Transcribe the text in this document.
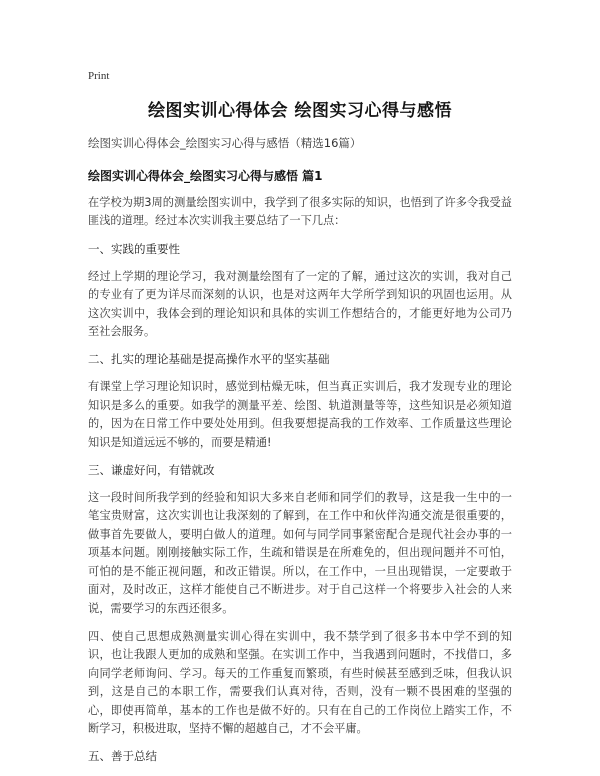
Print
绘图实训心得体会 绘图实习心得与感悟
绘图实训心得体会_绘图实习心得与感悟（精选16篇）
绘图实训心得体会_绘图实习心得与感悟 篇1

在学校为期3周的测量绘图实训中，我学到了很多实际的知识，也悟到了许多令我受益匪浅的道理。经过本次实训我主要总结了一下几点：

一、实践的重要性

经过上学期的理论学习，我对测量绘图有了一定的了解，通过这次的实训，我对自己的专业有了更为详尽而深刻的认识，也是对这两年大学所学到知识的巩固也运用。从这次实训中，我体会到的理论知识和具体的实训工作想结合的，才能更好地为公司乃至社会服务。

二、扎实的理论基础是提高操作水平的坚实基础

有课堂上学习理论知识时，感觉到枯燥无味，但当真正实训后，我才发现专业的理论知识是多么的重要。如我学的测量平差、绘图、轨道测量等等，这些知识是必须知道的，因为在日常工作中要处处用到。但我要想提高我的工作效率、工作质量这些理论知识是知道远远不够的，而要是精通!

三、谦虚好问，有错就改

这一段时间所我学到的经验和知识大多来自老师和同学们的教导，这是我一生中的一笔宝贵财富，这次实训也让我深刻的了解到，在工作中和伙伴沟通交流是很重要的，做事首先要做人，要明白做人的道理。如何与同学同事紧密配合是现代社会办事的一项基本问题。刚刚接触实际工作，生疏和错误是在所难免的，但出现问题并不可怕，可怕的是不能正视问题，和改正错误。所以，在工作中，一旦出现错误，一定要敢于面对，及时改正，这样才能使自己不断进步。对于自己这样一个将要步入社会的人来说，需要学习的东西还很多。

四、使自己思想成熟测量实训心得在实训中，我不禁学到了很多书本中学不到的知识，也让我跟人更加的成熟和坚强。在实训工作中，当我遇到问题时，不找借口，多向同学老师询问、学习。每天的工作重复而繁琐，有些时候甚至感到乏味，但我认识到，这是自己的本职工作，需要我们认真对待，否则，没有一颗不畏困难的坚强的心，即使再简单，基本的工作也是做不好的。只有在自己的工作岗位上踏实工作，不断学习，积极进取，坚持不懈的超越自己，才不会平庸。

五、善于总结
